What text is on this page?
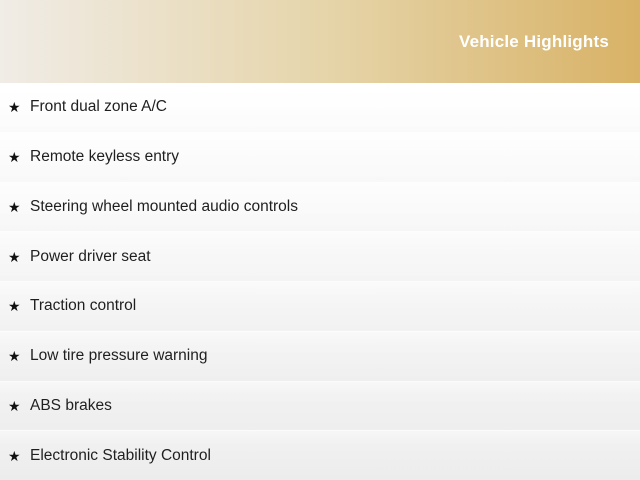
Vehicle Highlights
★ Front dual zone A/C
★ Remote keyless entry
★ Steering wheel mounted audio controls
★ Power driver seat
★ Traction control
★ Low tire pressure warning
★ ABS brakes
★ Electronic Stability Control
